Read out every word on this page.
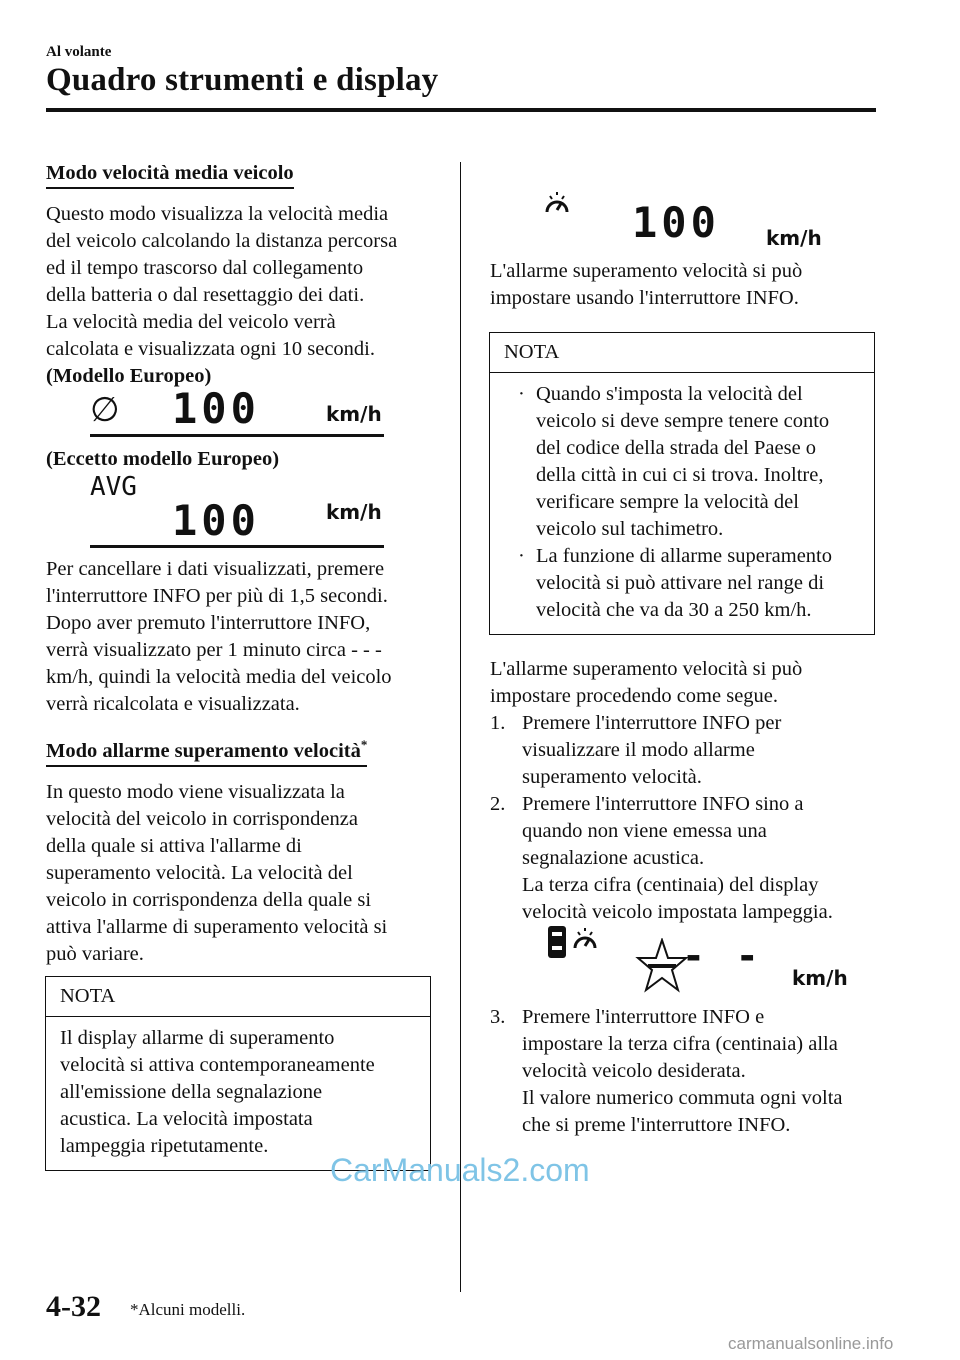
Al volante
Quadro strumenti e display

Modo velocità media veicolo

Questo modo visualizza la velocità media

del veicolo calcolando la distanza percorsa

ed il tempo trascorso dal collegamento

della batteria o dal resettaggio dei dati.

La velocità media del veicolo verrà

calcolata e visualizzata ogni 10 secondi.

(Modello Europeo)

∅ 100	km/h

(Eccetto modello Europeo)

AVG
100	km/h

Per cancellare i dati visualizzati, premere

l'interruttore INFO per più di 1,5 secondi.

Dopo aver premuto l'interruttore INFO,

verrà visualizzato per 1 minuto circa - - -

km/h, quindi la velocità media del veicolo

verrà ricalcolata e visualizzata.

Modo allarme superamento velocità*

In questo modo viene visualizzata la

velocità del veicolo in corrispondenza

della quale si attiva l'allarme di

superamento velocità. La velocità del

veicolo in corrispondenza della quale si

attiva l'allarme di superamento velocità si

può variare.

NOTA

Il display allarme di superamento

velocità si attiva contemporaneamente

all'emissione della segnalazione

acustica. La velocità impostata

lampeggia ripetutamente.

100 km/h

L'allarme superamento velocità si può

impostare usando l'interruttore INFO.

NOTA
· Quando s'imposta la velocità del

veicolo si deve sempre tenere conto

del codice della strada del Paese o

della città in cui ci si trova. Inoltre,

verificare sempre la velocità del

veicolo sul tachimetro.

· La funzione di allarme superamento

velocità si può attivare nel range di

velocità che va da 30 a 250 km/h.

L'allarme superamento velocità si può

impostare procedendo come segue.

1. Premere l'interruttore INFO per

visualizzare il modo allarme

superamento velocità.

2. Premere l'interruttore INFO sino a

quando non viene emessa una

segnalazione acustica.

La terza cifra (centinaia) del display

velocità veicolo impostata lampeggia.

- - km/h
3. Premere l'interruttore INFO e

impostare la terza cifra (centinaia) alla

velocità veicolo desiderata.

Il valore numerico commuta ogni volta

che si preme l'interruttore INFO.

CarManuals2.com
4-32 *Alcuni modelli.
carmanualsonline.info
